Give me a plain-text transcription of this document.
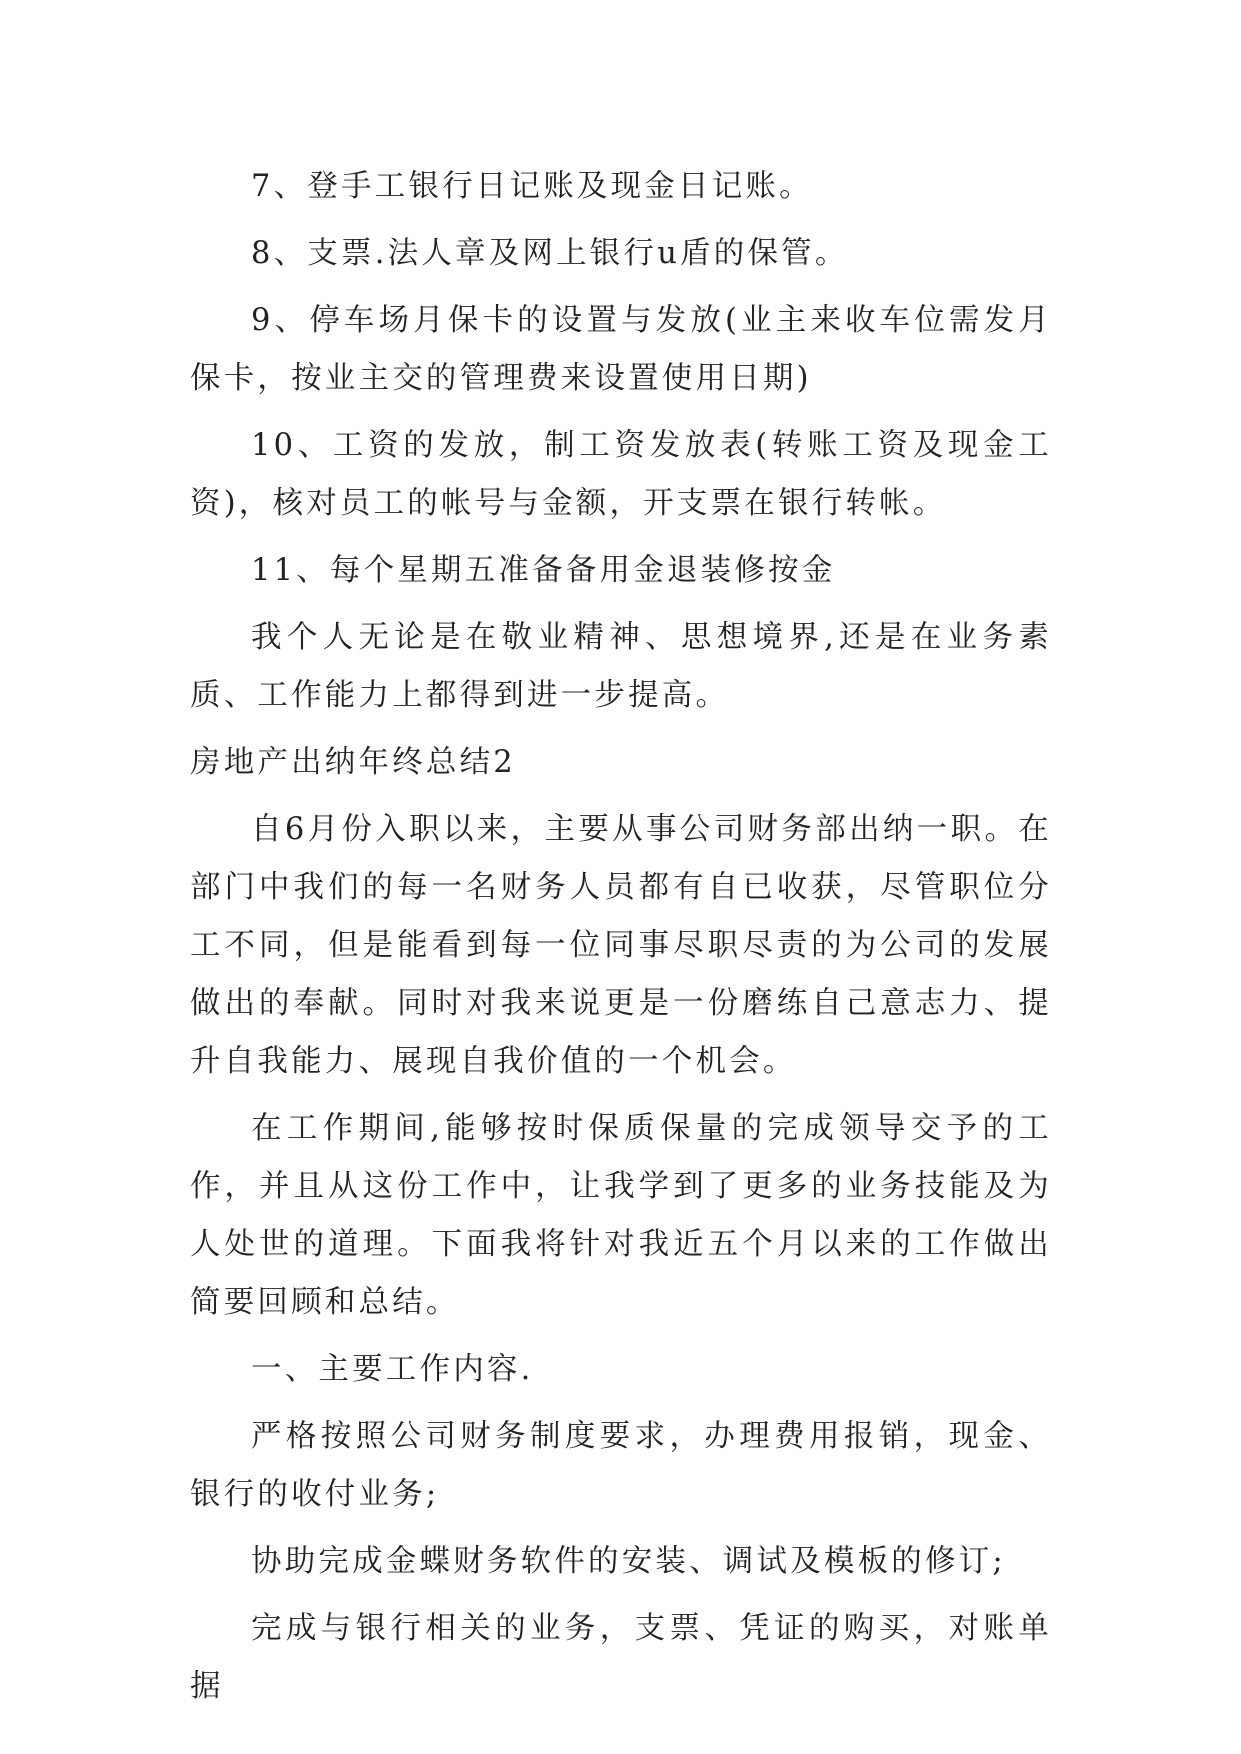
7、登手工银行日记账及现金日记账。

8、支票.法人章及网上银行u盾的保管。

9、停车场月保卡的设置与发放(业主来收车位需发月保卡，按业主交的管理费来设置使用日期)

10、工资的发放，制工资发放表(转账工资及现金工资)，核对员工的帐号与金额，开支票在银行转帐。

11、每个星期五准备备用金退装修按金

我个人无论是在敬业精神、思想境界,还是在业务素质、工作能力上都得到进一步提高。

房地产出纳年终总结2

自6月份入职以来，主要从事公司财务部出纳一职。在部门中我们的每一名财务人员都有自已收获，尽管职位分工不同，但是能看到每一位同事尽职尽责的为公司的发展做出的奉献。同时对我来说更是一份磨练自己意志力、提升自我能力、展现自我价值的一个机会。

在工作期间,能够按时保质保量的完成领导交予的工作，并且从这份工作中，让我学到了更多的业务技能及为人处世的道理。下面我将针对我近五个月以来的工作做出简要回顾和总结。

一、主要工作内容.

严格按照公司财务制度要求，办理费用报销，现金、银行的收付业务;

协助完成金蝶财务软件的安装、调试及模板的修订;

完成与银行相关的业务，支票、凭证的购买，对账单据
